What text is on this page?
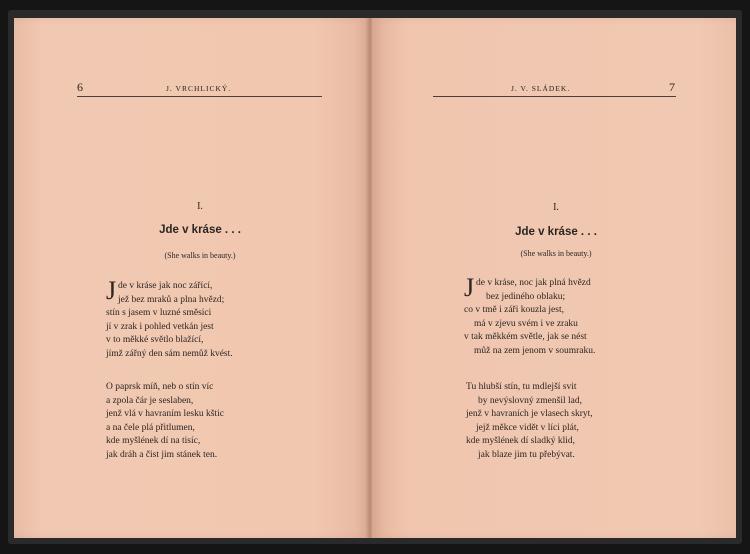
6	J. VRCHLICKÝ.	J. V. SLÁDEK.	7
I.
Jde v kráse . . .
(She walks in beauty.)
I.
Jde v kráse . . .
(She walks in beauty.)
J de v kráse jak noc zářící,
jež bez mraků a plna hvězd;
stín s jasem v luzné směsici
jí v zrak i pohled vetkán jest
v to měkké světlo blažící,
jímž zářný den sám nemůž kvést.
O paprsk míň, neb o stín víc
a zpola čár je seslaben,
jenž vlá v havraním lesku kštic
a na čele plá přitlumen,
kde myšlének dí na tisíc,
jak dráh a čist jim stánek ten.
J de v kráse, noc jak plná hvězd
bez jediného oblaku;
co v tmě i záři kouzla jest,
má v zjevu svém i ve zraku
v tak měkkém světle, jak se nést
můž na zem jenom v soumraku.
Tu hlubší stín, tu mdlejší svit
by nevýslovný zmenšil lad,
jenž v havraních je vlasech skryt,
jejž měkce vidět v líci plát,
kde myšlének dí sladký klid,
jak blaze jim tu přebývat.
